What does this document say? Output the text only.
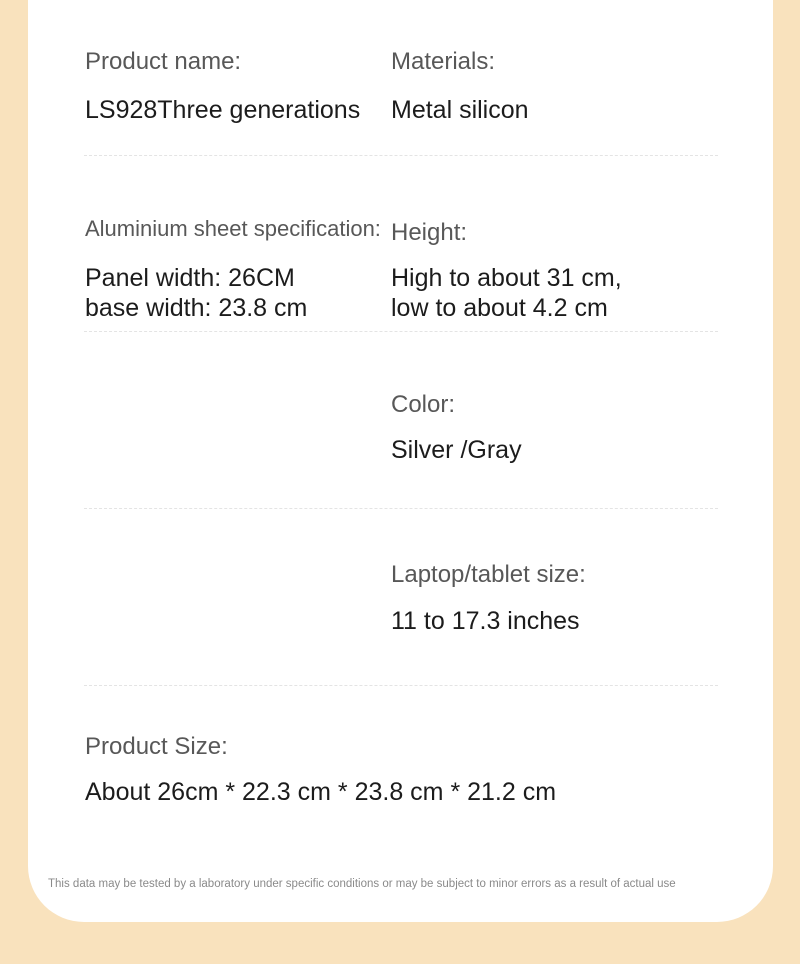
Product name:
LS928Three generations
Materials:
Metal silicon
Aluminium sheet specification:
Panel width: 26CM
base width: 23.8 cm
Height:
High to about 31 cm,
low to about 4.2 cm
Color:
Silver /Gray
Laptop/tablet size:
11 to 17.3 inches
Product Size:
About 26cm * 22.3 cm * 23.8 cm * 21.2 cm
This data may be tested by a laboratory under specific conditions or may be subject to minor errors as a result of actual use
